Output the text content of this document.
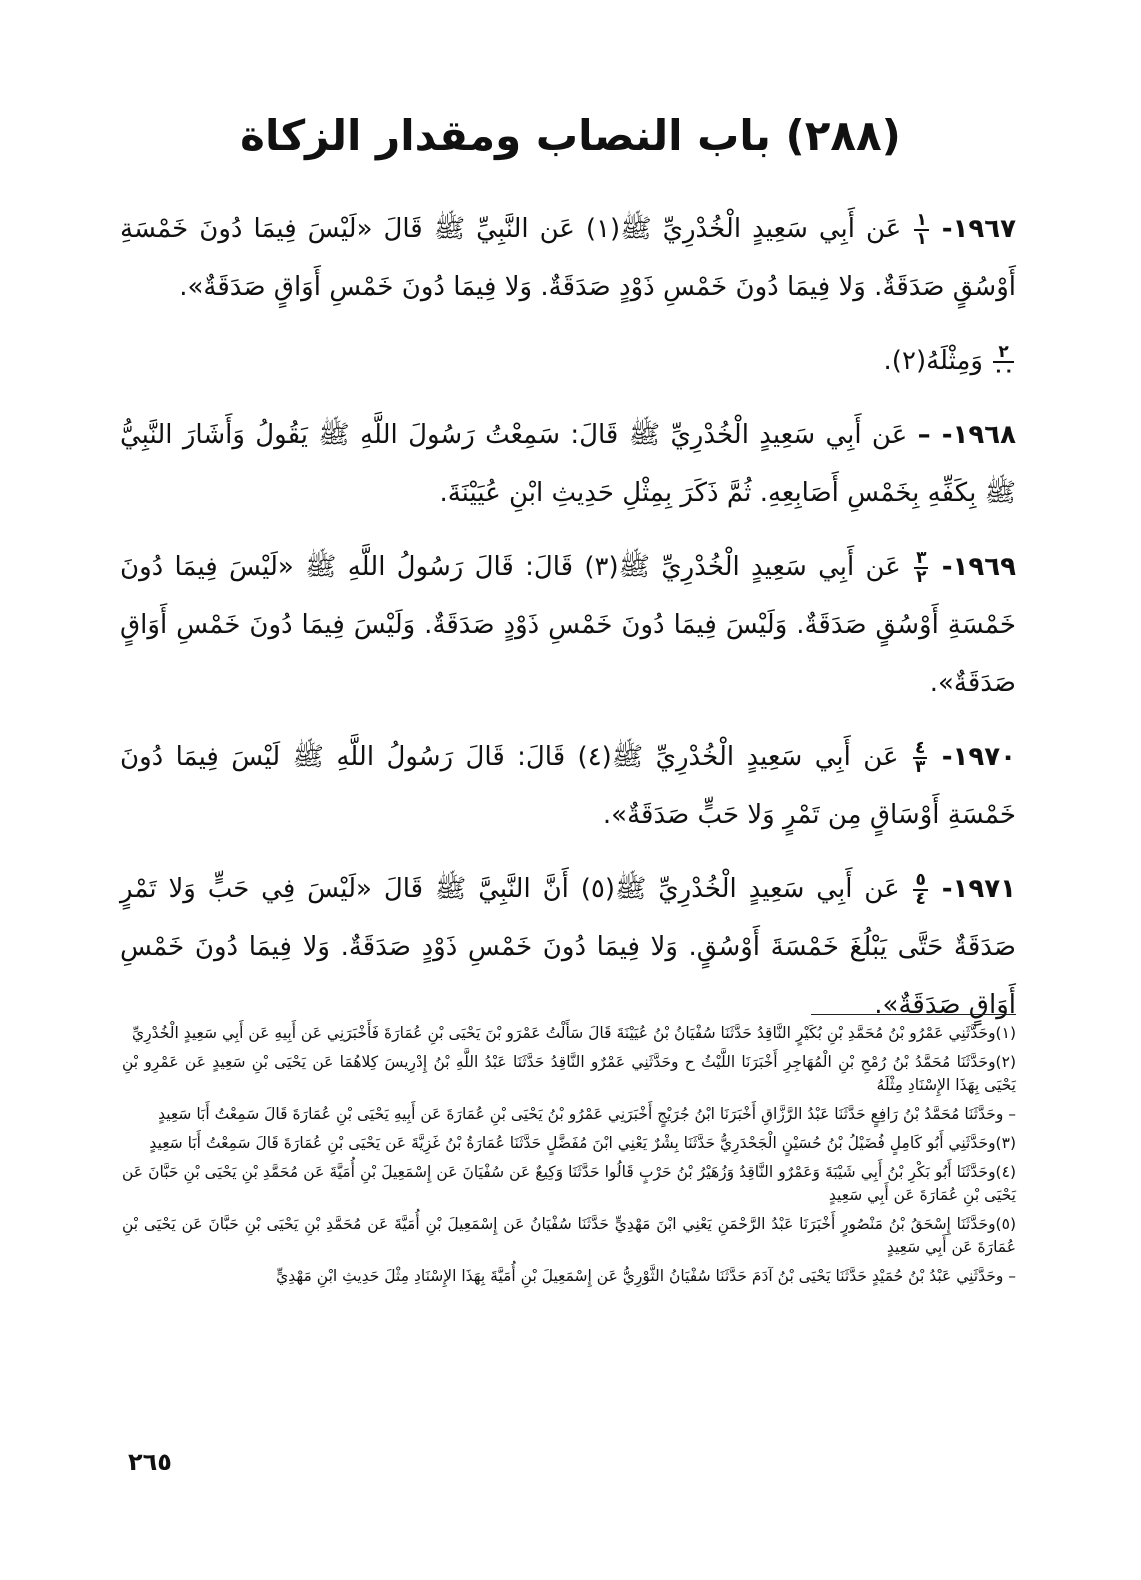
(٢٨٨) باب النصاب ومقدار الزكاة

١٩٦٧-
$\frac{١}{١}$
عَن أَبِي سَعِيدٍ الْخُدْرِيِّ ﷺ(١) عَن النَّبِيِّ ﷺ قَالَ «لَيْسَ فِيمَا دُونَ خَمْسَةِ أَوْسُقٍ صَدَقَةٌ. وَلا فِيمَا دُونَ خَمْسِ ذَوْدٍ صَدَقَةٌ. وَلا فِيمَا دُونَ خَمْسِ أَوَاقٍ صَدَقَةٌ».

$\frac{٢}{٠٠}$
وَمِثْلَهُ(٢).

١٩٦٨- – عَن أَبِي سَعِيدٍ الْخُدْرِيِّ ﷺ قَالَ: سَمِعْتُ رَسُولَ اللَّهِ ﷺ يَقُولُ وَأَشَارَ النَّبِيُّ ﷺ بِكَفِّهِ بِخَمْسِ أَصَابِعِهِ. ثُمَّ ذَكَرَ بِمِثْلِ حَدِيثِ ابْنِ عُيَيْنَةَ.

١٩٦٩-
$\frac{٣}{٢}$
عَن أَبِي سَعِيدٍ الْخُدْرِيِّ ﷺ(٣) قَالَ: قَالَ رَسُولُ اللَّهِ ﷺ «لَيْسَ فِيمَا دُونَ خَمْسَةِ أَوْسُقٍ صَدَقَةٌ. وَلَيْسَ فِيمَا دُونَ خَمْسِ ذَوْدٍ صَدَقَةٌ. وَلَيْسَ فِيمَا دُونَ خَمْسِ أَوَاقٍ صَدَقَةٌ».

١٩٧٠-
$\frac{٤}{٣}$
عَن أَبِي سَعِيدٍ الْخُدْرِيِّ ﷺ(٤) قَالَ: قَالَ رَسُولُ اللَّهِ ﷺ لَيْسَ فِيمَا دُونَ خَمْسَةِ أَوْسَاقٍ مِن تَمْرٍ وَلا حَبٍّ صَدَقَةٌ».

١٩٧١-
$\frac{٥}{٤}$
عَن أَبِي سَعِيدٍ الْخُدْرِيِّ ﷺ(٥) أَنَّ النَّبِيَّ ﷺ قَالَ «لَيْسَ فِي حَبٍّ وَلا تَمْرٍ صَدَقَةٌ حَتَّى يَبْلُغَ خَمْسَةَ أَوْسُقٍ. وَلا فِيمَا دُونَ خَمْسِ ذَوْدٍ صَدَقَةٌ. وَلا فِيمَا دُونَ خَمْسِ أَوَاقٍ صَدَقَةٌ».

(١)وحَدَّثَنِي عَمْرُو بْنُ مُحَمَّدِ بْنِ بُكَيْرٍ النَّاقِدُ حَدَّثَنَا سُفْيَانُ بْنُ عُيَيْنَةَ قَالَ سَأَلْتُ عَمْرَو بْنَ يَحْيَى بْنِ عُمَارَةَ فَأَخْبَرَنِي عَن أَبِيهِ عَن أَبِي سَعِيدٍ الْخُدْرِيِّ

(٢)وحَدَّثَنَا مُحَمَّدُ بْنُ رُمْحِ بْنِ الْمُهَاجِرِ أَخْبَرَنَا اللَّيْثُ ح وحَدَّثَنِي عَمْرٌو النَّاقِدُ حَدَّثَنَا عَبْدُ اللَّهِ بْنُ إِدْرِيسَ كِلاهُمَا عَن يَحْيَى بْنِ سَعِيدٍ عَن عَمْرِو بْنِ يَحْيَى بِهَذَا الإِسْنَادِ مِثْلَهُ

– وحَدَّثَنَا مُحَمَّدُ بْنُ رَافِعٍ حَدَّثَنَا عَبْدُ الرَّزَّاقِ أَخْبَرَنَا ابْنُ جُرَيْجٍ أَخْبَرَنِي عَمْرُو بْنُ يَحْيَى بْنِ عُمَارَةَ عَن أَبِيهِ يَحْيَى بْنِ عُمَارَةَ قَالَ سَمِعْتُ أَبَا سَعِيدٍ

(٣)وحَدَّثَنِي أَبُو كَامِلٍ فُضَيْلُ بْنُ حُسَيْنٍ الْجَحْدَرِيُّ حَدَّثَنَا بِشْرٌ يَعْنِي ابْنَ مُفَضَّلٍ حَدَّثَنَا عُمَارَةُ بْنُ غَزِيَّةَ عَن يَحْيَى بْنِ عُمَارَةَ قَالَ سَمِعْتُ أَبَا سَعِيدٍ

(٤)وحَدَّثَنَا أَبُو بَكْرِ بْنُ أَبِي شَيْبَةَ وَعَمْرٌو النَّاقِدُ وَزُهَيْرُ بْنُ حَرْبٍ قَالُوا حَدَّثَنَا وَكِيعٌ عَن سُفْيَانَ عَن إِسْمَعِيلَ بْنِ أُمَيَّةَ عَن مُحَمَّدِ بْنِ يَحْيَى بْنِ حَبَّانَ عَن يَحْيَى بْنِ عُمَارَةَ عَن أَبِي سَعِيدٍ

(٥)وحَدَّثَنَا إِسْحَقُ بْنُ مَنْصُورٍ أَخْبَرَنَا عَبْدُ الرَّحْمَنِ يَعْنِي ابْنَ مَهْدِيٍّ حَدَّثَنَا سُفْيَانُ عَن إِسْمَعِيلَ بْنِ أُمَيَّةَ عَن مُحَمَّدِ بْنِ يَحْيَى بْنِ حَبَّانَ عَن يَحْيَى بْنِ عُمَارَةَ عَن أَبِي سَعِيدٍ

– وحَدَّثَنِي عَبْدُ بْنُ حُمَيْدٍ حَدَّثَنَا يَحْيَى بْنُ آدَمَ حَدَّثَنَا سُفْيَانُ الثَّوْرِيُّ عَن إِسْمَعِيلَ بْنِ أُمَيَّةَ بِهَذَا الإِسْنَادِ مِثْلَ حَدِيثِ ابْنِ مَهْدِيٍّ

٢٦٥
